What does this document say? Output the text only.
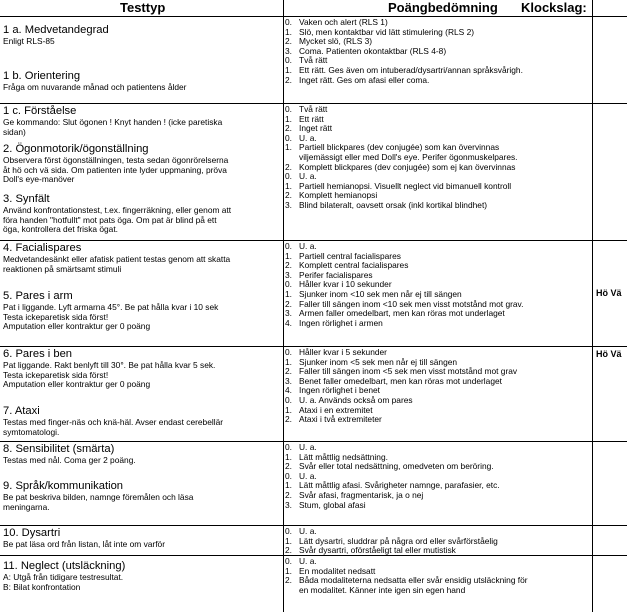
Testtyp	Poängbedömning Klockslag:
1 a. Medvetandegrad
Enligt RLS-85
1 b. Orientering
Fråga om nuvarande månad och patientens ålder
1 c. Förståelse
Ge kommando: Slut ögonen ! Knyt handen ! (icke paretiska
sidan)
2. Ögonmotorik/ögonställning
Observera först ögonställningen, testa sedan ögonrörelserna
åt hö och vä sida. Om patienten inte lyder uppmaning, pröva
Doll's eye-manöver
3. Synfält
Använd konfrontationstest, t.ex. fingerräkning, eller genom att
föra handen "hotfullt" mot pats öga. Om pat är blind på ett
öga, kontrollera det friska ögat.
4. Facialispares
Medvetandesänkt eller afatisk patient testas genom att skatta
reaktionen på smärtsamt stimuli
5. Pares i arm
Pat i liggande. Lyft armarna 45°. Be pat hålla kvar i 10 sek
Testa ickeparetisk sida först!
Amputation eller kontraktur ger 0 poäng
6. Pares i ben
Pat liggande. Rakt benlyft till 30°. Be pat hålla kvar 5 sek.
Testa ickeparetisk sida först!
Amputation eller kontraktur ger 0 poäng
7. Ataxi
Testas med finger-näs och knä-häl. Avser endast cerebellär
symtomatologi.
8. Sensibilitet (smärta)
Testas med nål. Coma ger 2 poäng.
9. Språk/kommunikation
Be pat beskriva bilden, namnge föremålen och läsa
meningarna.
10. Dysartri
Be pat läsa ord från listan, låt inte om varför
11. Neglect (utsläckning)
A: Utgå från tidigare testresultat.
B: Bilat konfrontation
0. Vaken och alert (RLS 1)
1. Slö, men kontaktbar vid lätt stimulering (RLS 2)
2. Mycket slö, (RLS 3)
3. Coma. Patienten okontaktbar (RLS 4-8)
0. Två rätt
1. Ett rätt. Ges även om intuberad/dysartri/annan språksvårigh.
2. Inget rätt. Ges om afasi eller coma.
0. Två rätt
1. Ett rätt
2. Inget rätt
0. U. a.
1. Partiell blickpares (dev conjugée) som kan övervinnas
viljemässigt eller med Doll's eye. Perifer ögonmuskelpares.
2. Komplett blickpares (dev conjugée) som ej kan övervinnas
0. U. a.
1. Partiell hemianopsi. Visuellt neglect vid bimanuell kontroll
2. Komplett hemianopsi
3. Blind bilateralt, oavsett orsak (inkl kortikal blindhet)
0. U. a.
1. Partiell central facialispares
2. Komplett central facialispares
3. Perifer facialispares
0. Håller kvar i 10 sekunder
1. Sjunker inom <10 sek men når ej till sängen
2. Faller till sängen inom <10 sek men visst motstånd mot grav.
3. Armen faller omedelbart, men kan röras mot underlaget
4. Ingen rörlighet i armen
0. Håller kvar i 5 sekunder
1. Sjunker inom <5 sek men når ej till sängen
2. Faller till sängen inom <5 sek men visst motstånd mot grav
3. Benet faller omedelbart, men kan röras mot underlaget
4. Ingen rörlighet i benet
0. U. a. Används också om pares
1. Ataxi i en extremitet
2. Ataxi i två extremiteter
0. U. a.
1. Lätt måttlig nedsättning.
2. Svår eller total nedsättning, omedveten om beröring.
0. U. a.
1. Lätt måttlig afasi. Svårigheter namnge, parafasier, etc.
2. Svår afasi, fragmentarisk, ja o nej
3. Stum, global afasi
0. U. a.
1. Lätt dysartri, sluddrar på några ord eller svårförståelig
2. Svår dysartri, oförståeligt tal eller mutistisk
0. U. a.
1. En modalitet nedsatt
2. Båda modaliteterna nedsatta eller svår ensidig utsläckning för
en modalitet. Känner inte igen sin egen hand
Hö Vä
Hö Vä
